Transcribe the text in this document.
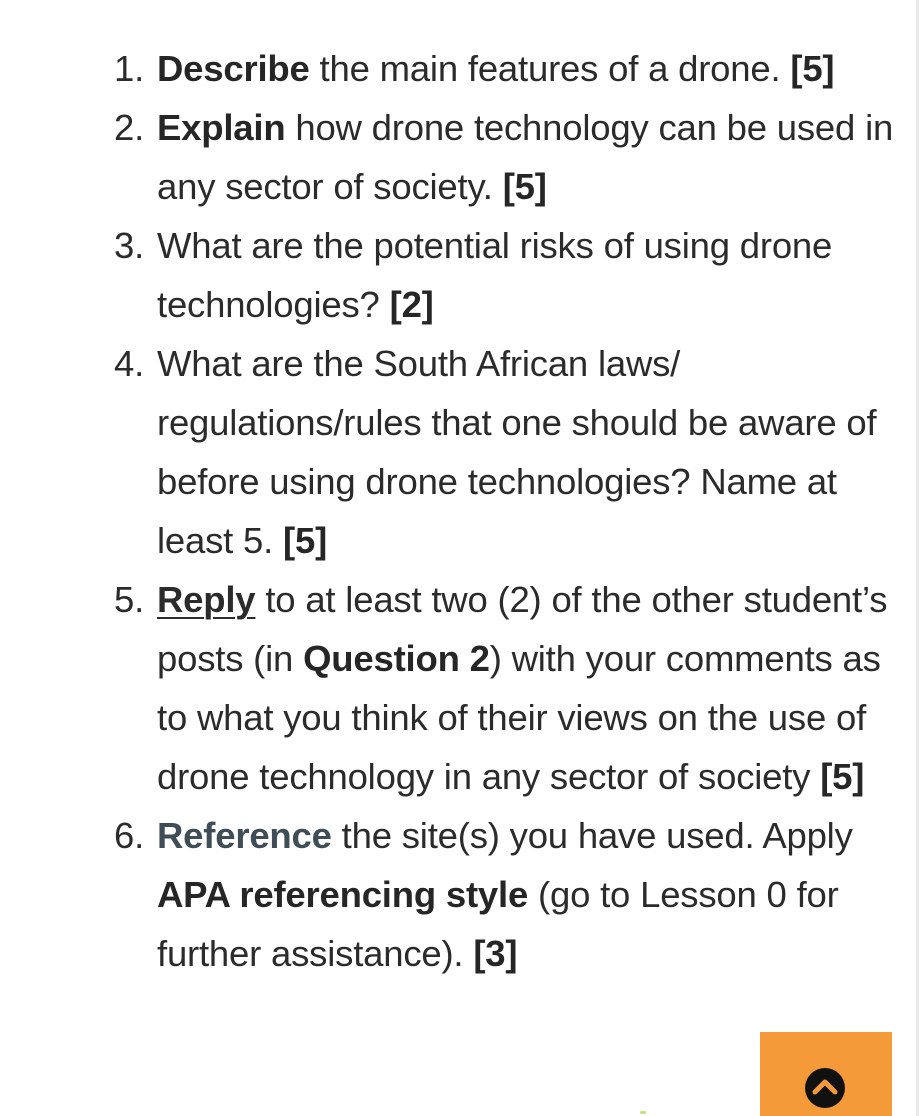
1. Describe the main features of a drone. [5]
2. Explain how drone technology can be used in any sector of society. [5]
3. What are the potential risks of using drone technologies? [2]
4. What are the South African laws/ regulations/rules that one should be aware of before using drone technologies? Name at least 5. [5]
5. Reply to at least two (2) of the other student’s posts (in Question 2) with your comments as to what you think of their views on the use of drone technology in any sector of society [5]
6. Reference the site(s) you have used. Apply APA referencing style (go to Lesson 0 for further assistance). [3]
